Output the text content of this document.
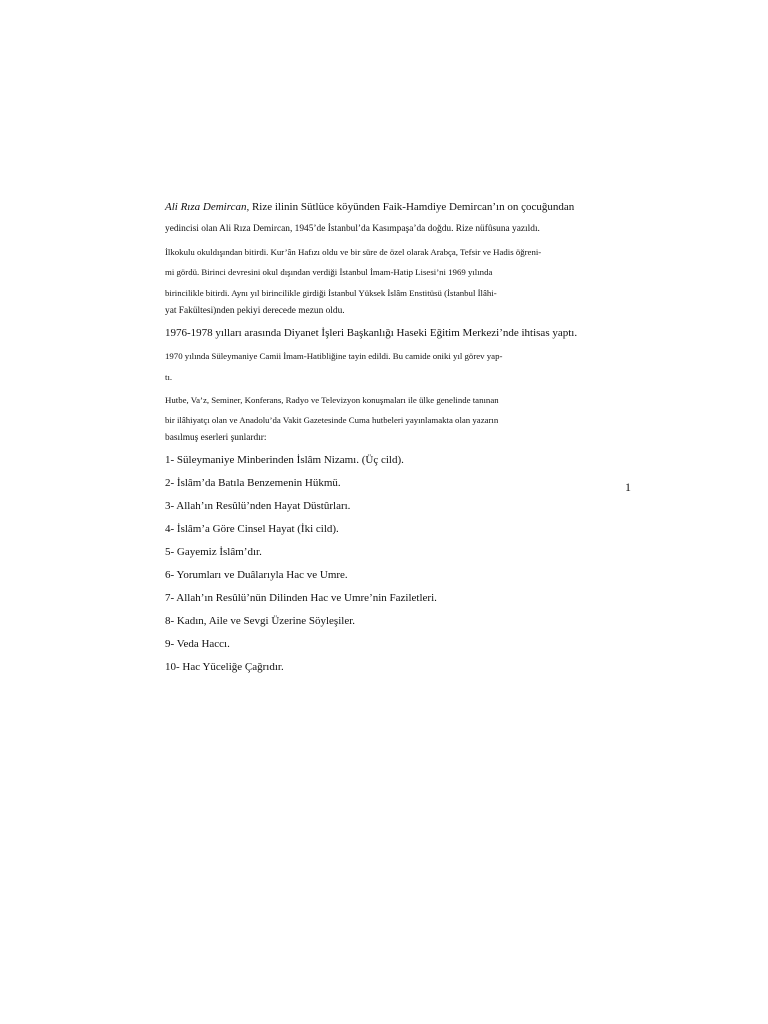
Ali Rıza Demircan, Rize ilinin Sütlüce köyünden Faik-Hamdiye Demircan’ın on çocuğundan
yedincisi olan Ali Rıza Demircan, 1945’de İstanbul’da Kasımpaşa’da doğdu. Rize nüfûsuna yazıldı.
İlkokulu okuldışından bitirdi. Kur’ân Hafızı oldu ve bir süre de özel olarak Arabça, Tefsir ve Hadis öğreni-
mi gördü. Birinci devresini okul dışından verdiği İstanbul İmam-Hatip Lisesi’ni 1969 yılında
birincilikle bitirdi. Aynı yıl birincilikle girdiği İstanbul Yüksek İslâm Enstitüsü (İstanbul İlâhi-
yat Fakültesi)nden pekiyi derecede mezun oldu.
1976-1978 yılları arasında Diyanet İşleri Başkanlığı Haseki Eğitim Merkezi’nde ihtisas yaptı.
1970 yılında Süleymaniye Camii İmam-Hatibliğine tayin edildi. Bu camide oniki yıl görev yap-
tı.
Hutbe, Va’z, Seminer, Konferans, Radyo ve Televizyon konuşmaları ile ülke genelinde tanınan
bir ilâhiyatçı olan ve Anadolu’da Vakit Gazetesinde Cuma hutbeleri yayınlamakta olan yazarın
basılmuş eserleri şunlardır:
1- Süleymaniye Minberinden İslâm Nizamı. (Üç cild).
2- İslâm’da Batıla Benzemenin Hükmü.
3- Allah’ın Resûlü’nden Hayat Düstûrları.
4- İslâm’a Göre Cinsel Hayat (İki cild).
5- Gayemiz İslâm’dır.
6- Yorumları ve Duâlarıyla Hac ve Umre.
7- Allah’ın Resûlü’nün Dilinden Hac ve Umre’nin Faziletleri.
8- Kadın, Aile ve Sevgi Üzerine Söyleşiler.
9- Veda Haccı.
10- Hac Yüceliğe Çağrıdır.
1
